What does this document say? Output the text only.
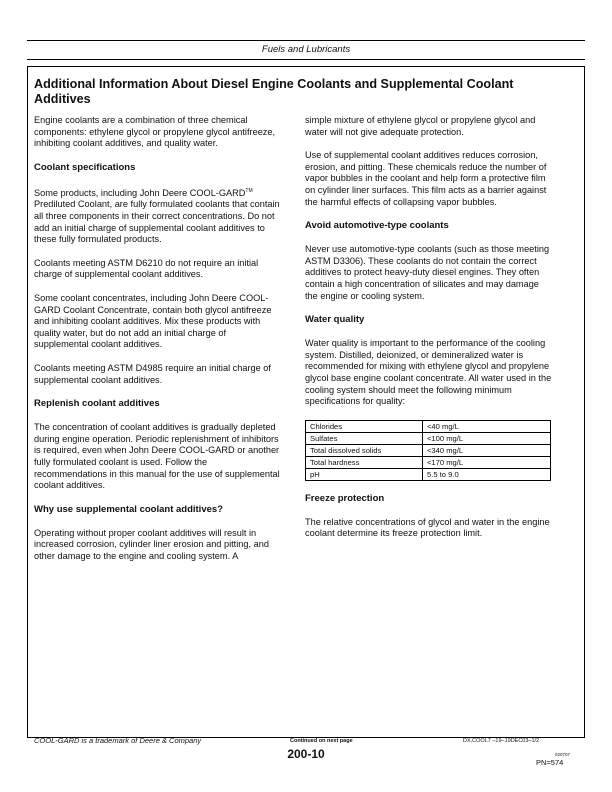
Fuels and Lubricants
Additional Information About Diesel Engine Coolants and Supplemental Coolant Additives

Engine coolants are a combination of three chemical components: ethylene glycol or propylene glycol antifreeze, inhibiting coolant additives, and quality water.

Coolant specifications

Some products, including John Deere COOL-GARD™ Prediluted Coolant, are fully formulated coolants that contain all three components in their correct concentrations. Do not add an initial charge of supplemental coolant additives to these fully formulated products.

Coolants meeting ASTM D6210 do not require an initial charge of supplemental coolant additives.

Some coolant concentrates, including John Deere COOL-GARD Coolant Concentrate, contain both glycol antifreeze and inhibiting coolant additives. Mix these products with quality water, but do not add an initial charge of supplemental coolant additives.

Coolants meeting ASTM D4985 require an initial charge of supplemental coolant additives.

Replenish coolant additives

The concentration of coolant additives is gradually depleted during engine operation. Periodic replenishment of inhibitors is required, even when John Deere COOL-GARD or another fully formulated coolant is used. Follow the recommendations in this manual for the use of supplemental coolant additives.

Why use supplemental coolant additives?

Operating without proper coolant additives will result in increased corrosion, cylinder liner erosion and pitting, and other damage to the engine and cooling system. A

simple mixture of ethylene glycol or propylene glycol and water will not give adequate protection.

Use of supplemental coolant additives reduces corrosion, erosion, and pitting. These chemicals reduce the number of vapor bubbles in the coolant and help form a protective film on cylinder liner surfaces. This film acts as a barrier against the harmful effects of collapsing vapor bubbles.

Avoid automotive-type coolants

Never use automotive-type coolants (such as those meeting ASTM D3306). These coolants do not contain the correct additives to protect heavy-duty diesel engines. They often contain a high concentration of silicates and may damage the engine or cooling system.

Water quality

Water quality is important to the performance of the cooling system. Distilled, deionized, or demineralized water is recommended for mixing with ethylene glycol and propylene glycol base engine coolant concentrate. All water used in the cooling system should meet the following minimum specifications for quality:

Chlorides	<40 mg/L
Sulfates	<100 mg/L
Total dissolved solids	<340 mg/L
Total hardness	<170 mg/L
pH	5.5 to 9.0
Freeze protection

The relative concentrations of glycol and water in the engine coolant determine its freeze protection limit.

COOL-GARD is a trademark of Deere & Company	Continued on next page	DX,COOL7 –19–19DEC03–1/2
200-10	020707
PN=574
